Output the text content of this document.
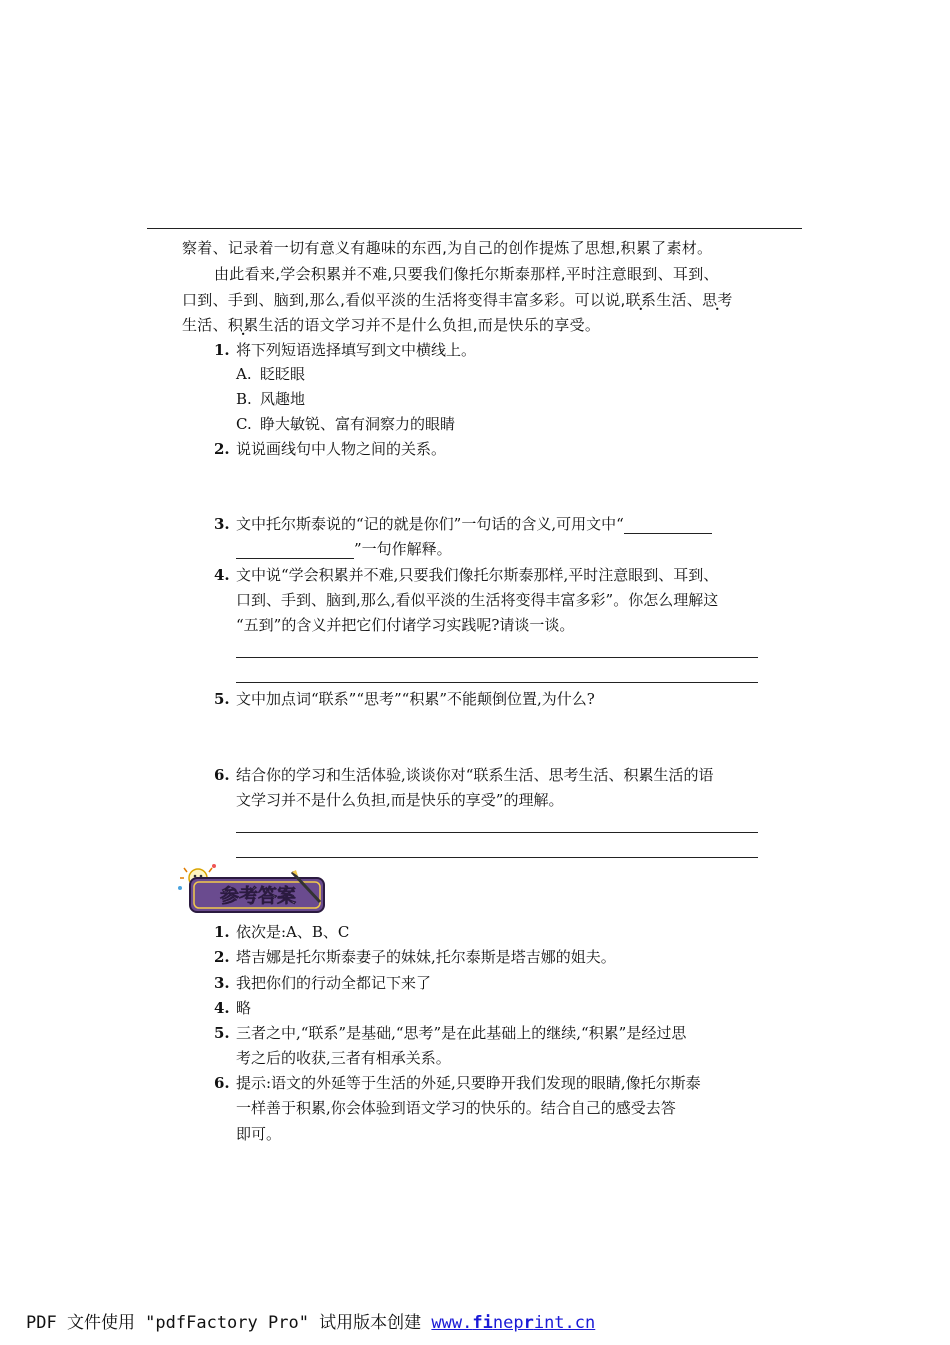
察着、记录着一切有意义有趣味的东西,为自己的创作提炼了思想,积累了素材。
由此看来,学会积累并不难,只要我们像托尔斯泰那样,平时注意眼到、耳到、
口到、手到、脑到,那么,看似平淡的生活将变得丰富多彩。可以说,联系生活、思考
生活、积累生活的语文学习并不是什么负担,而是快乐的享受。
1. 将下列短语选择填写到文中横线上。
A. 眨眨眼
B. 风趣地
C. 睁大敏锐、富有洞察力的眼睛
2. 说说画线句中人物之间的关系。
3. 文中托尔斯泰说的“记的就是你们”一句话的含义,可用文中“
”一句作解释。
4. 文中说“学会积累并不难,只要我们像托尔斯泰那样,平时注意眼到、耳到、
口到、手到、脑到,那么,看似平淡的生活将变得丰富多彩”。你怎么理解这
“五到”的含义并把它们付诸学习实践呢?请谈一谈。
5. 文中加点词“联系”“思考”“积累”不能颠倒位置,为什么?
6. 结合你的学习和生活体验,谈谈你对“联系生活、思考生活、积累生活的语
文学习并不是什么负担,而是快乐的享受”的理解。
参考答案
1. 依次是:A、B、C
2. 塔吉娜是托尔斯泰妻子的妹妹,托尔泰斯是塔吉娜的姐夫。
3. 我把你们的行动全都记下来了
4. 略
5. 三者之中,“联系”是基础,“思考”是在此基础上的继续,“积累”是经过思
考之后的收获,三者有相承关系。
6. 提示:语文的外延等于生活的外延,只要睁开我们发现的眼睛,像托尔斯泰
一样善于积累,你会体验到语文学习的快乐的。结合自己的感受去答
即可。
PDF 文件使用 "pdfFactory Pro" 试用版本创建 www.fineprint.cn
